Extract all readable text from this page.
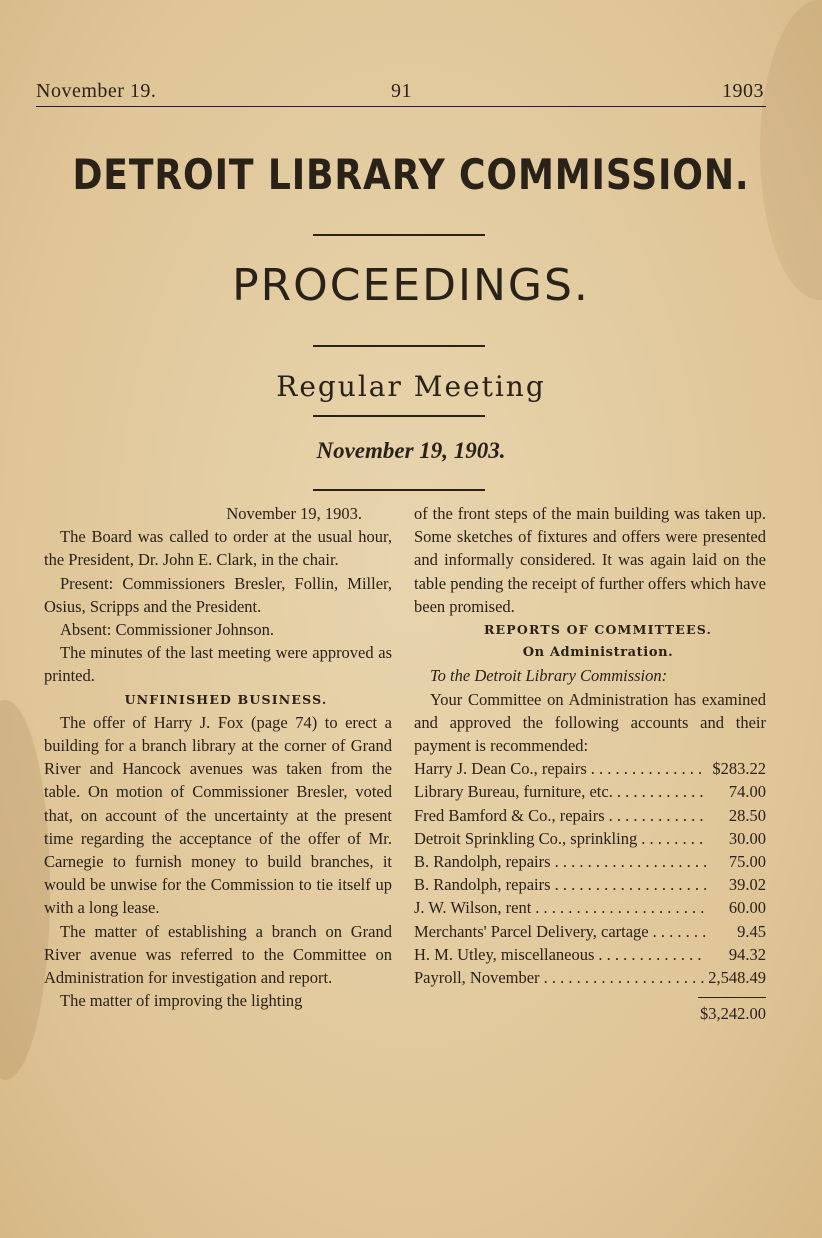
November 19.	91	1903
DETROIT LIBRARY COMMISSION.
PROCEEDINGS.
Regular Meeting
November 19, 1903.

November 19, 1903.

The Board was called to order at the usual hour, the President, Dr. John E. Clark, in the chair.

Present: Commissioners Bresler, Follin, Miller, Osius, Scripps and the President.

Absent: Commissioner Johnson.

The minutes of the last meeting were approved as printed.

UNFINISHED BUSINESS.

The offer of Harry J. Fox (page 74) to erect a building for a branch library at the corner of Grand River and Hancock avenues was taken from the table. On motion of Commissioner Bresler, voted that, on account of the uncertainty at the present time regarding the acceptance of the offer of Mr. Carnegie to furnish money to build branches, it would be unwise for the Commission to tie itself up with a long lease.

The matter of establishing a branch on Grand River avenue was referred to the Committee on Administration for investigation and report.

The matter of improving the lighting

of the front steps of the main building was taken up. Some sketches of fixtures and offers were presented and informally considered. It was again laid on the table pending the receipt of further offers which have been promised.

REPORTS OF COMMITTEES.

On Administration.

To the Detroit Library Commission:

Your Committee on Administration has examined and approved the following accounts and their payment is recommended:

Harry J. Dean Co., repairs . . .	$283.22
Library Bureau, furniture, etc. . . .	74.00
Fred Bamford & Co., repairs . . .	28.50
Detroit Sprinkling Co., sprinkling . . .	30.00
B. Randolph, repairs . . .	75.00
B. Randolph, repairs . . .	39.02
J. W. Wilson, rent . . .	60.00
Merchants' Parcel Delivery, cartage . . .	9.45
H. M. Utley, miscellaneous . . .	94.32
Payroll, November . . .	2,548.49
$3,242.00
